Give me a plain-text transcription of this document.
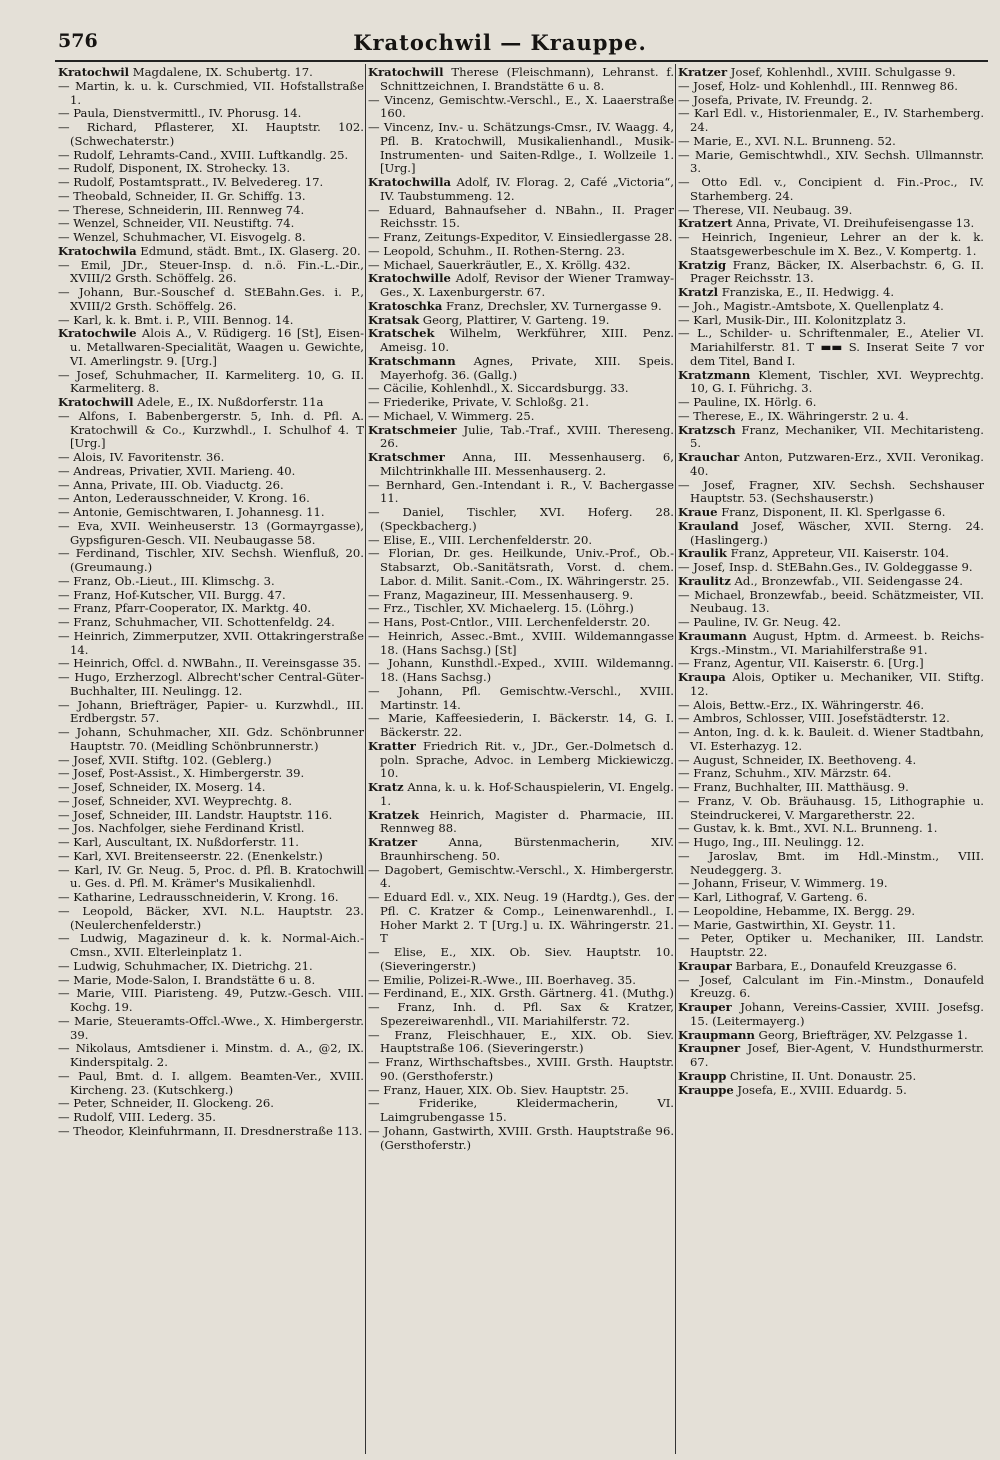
576	Kratochwil — Krauppe.
Kratochwil Magdalene, IX. Schubertg. 17.
— Martin, k. u. k. Curschmied, VII. Hofstallstraße 1.
— Paula, Dienstvermittl., IV. Phorusg. 14.
— Richard, Pflasterer, XI. Hauptstr. 102. (Schwechaterstr.)
— Rudolf, Lehramts-Cand., XVIII. Luftkandlg. 25.
— Rudolf, Disponent, IX. Strohecky. 13.
— Rudolf, Postamtspratt., IV. Belvedereg. 17.
— Theobald, Schneider, II. Gr. Schiffg. 13.
— Therese, Schneiderin, III. Rennweg 74.
— Wenzel, Schneider, VII. Neustiftg. 74.
— Wenzel, Schuhmacher, VI. Eisvogelg. 8.
Kratochwila Edmund, städt. Bmt., IX. Glaserg. 20.
— Emil, JDr., Steuer-Insp. d. n.ö. Fin.-L.-Dir., XVIII/2 Grsth. Schöffelg. 26.
— Johann, Bur.-Souschef d. StEBahn.Ges. i. P., XVIII/2 Grsth. Schöffelg. 26.
— Karl, k. k. Bmt. i. P., VIII. Bennog. 14.
Kratochwile Alois A., V. Rüdigerg. 16 [St], Eisen- u. Metallwaren-Specialität, Waagen u. Gewichte, VI. Amerlingstr. 9. [Urg.]
— Josef, Schuhmacher, II. Karmeliterg. 10, G. II. Karmeliterg. 8.
Kratochwill Adele, E., IX. Nußdorferstr. 11a
— Alfons, I. Babenbergerstr. 5, Inh. d. Pfl. A. Kratochwill & Co., Kurzwhdl., I. Schulhof 4. T [Urg.]
— Alois, IV. Favoritenstr. 36.
— Andreas, Privatier, XVII. Marieng. 40.
— Anna, Private, III. Ob. Viaductg. 26.
— Anton, Lederausschneider, V. Krong. 16.
— Antonie, Gemischtwaren, I. Johannesg. 11.
— Eva, XVII. Weinheuserstr. 13 (Gormayrgasse), Gypsfiguren-Gesch. VII. Neubaugasse 58.
— Ferdinand, Tischler, XIV. Sechsh. Wienfluß, 20. (Greumaung.)
— Franz, Ob.-Lieut., III. Klimschg. 3.
— Franz, Hof-Kutscher, VII. Burgg. 47.
— Franz, Pfarr-Cooperator, IX. Marktg. 40.
— Franz, Schuhmacher, VII. Schottenfeldg. 24.
— Heinrich, Zimmerputzer, XVII. Ottakringerstraße 14.
— Heinrich, Offcl. d. NWBahn., II. Vereinsgasse 35.
— Hugo, Erzherzogl. Albrecht'scher Central-Güter-Buchhalter, III. Neulingg. 12.
— Johann, Briefträger, Papier- u. Kurzwhdl., III. Erdbergstr. 57.
— Johann, Schuhmacher, XII. Gdz. Schönbrunner Hauptstr. 70. (Meidling Schönbrunnerstr.)
— Josef, XVII. Stiftg. 102. (Geblerg.)
— Josef, Post-Assist., X. Himbergerstr. 39.
— Josef, Schneider, IX. Moserg. 14.
— Josef, Schneider, XVI. Weyprechtg. 8.
— Josef, Schneider, III. Landstr. Hauptstr. 116.
— Jos. Nachfolger, siehe Ferdinand Kristl.
— Karl, Auscultant, IX. Nußdorferstr. 11.
— Karl, XVI. Breitenseerstr. 22. (Enenkelstr.)
— Karl, IV. Gr. Neug. 5, Proc. d. Pfl. B. Kratochwill u. Ges. d. Pfl. M. Krämer's Musikalienhdl.
— Katharine, Ledrausschneiderin, V. Krong. 16.
— Leopold, Bäcker, XVI. N.L. Hauptstr. 23. (Neulerchenfelderstr.)
— Ludwig, Magazineur d. k. k. Normal-Aich.-Cmsn., XVII. Elterleinplatz 1.
— Ludwig, Schuhmacher, IX. Dietrichg. 21.
— Marie, Mode-Salon, I. Brandstätte 6 u. 8.
— Marie, VIII. Piaristeng. 49, Putzw.-Gesch. VIII. Kochg. 19.
— Marie, Steueramts-Offcl.-Wwe., X. Himbergerstr. 39.
— Nikolaus, Amtsdiener i. Minstm. d. A., @2, IX. Kinderspitalg. 2.
— Paul, Bmt. d. I. allgem. Beamten-Ver., XVIII. Kircheng. 23. (Kutschkerg.)
— Peter, Schneider, II. Glockeng. 26.
— Rudolf, VIII. Lederg. 35.
— Theodor, Kleinfuhrmann, II. Dresdnerstraße 113.
Kratochwill Therese (Fleischmann), Lehranst. f. Schnittzeichnen, I. Brandstätte 6 u. 8.
— Vincenz, Gemischtw.-Verschl., E., X. Laaerstraße 160.
— Vincenz, Inv.- u. Schätzungs-Cmsr., IV. Waagg. 4, Pfl. B. Kratochwill, Musikalienhandl., Musik-Instrumenten- und Saiten-Rdlge., I. Wollzeile 1. [Urg.]
Kratochwilla Adolf, IV. Florag. 2, Café „Victoria“, IV. Taubstummeng. 12.
— Eduard, Bahnaufseher d. NBahn., II. Prager Reichsstr. 15.
— Franz, Zeitungs-Expeditor, V. Einsiedlergasse 28.
— Leopold, Schuhm., II. Rothen-Sterng. 23.
— Michael, Sauerkräutler, E., X. Kröllg. 432.
Kratochwille Adolf, Revisor der Wiener Tramway-Ges., X. Laxenburgerstr. 67.
Kratoschka Franz, Drechsler, XV. Turnergasse 9.
Kratsak Georg, Plattirer, V. Garteng. 19.
Kratschek Wilhelm, Werkführer, XIII. Penz. Ameisg. 10.
Kratschmann Agnes, Private, XIII. Speis. Mayerhofg. 36. (Gallg.)
— Cäcilie, Kohlenhdl., X. Siccardsburgg. 33.
— Friederike, Private, V. Schloßg. 21.
— Michael, V. Wimmerg. 25.
Kratschmeier Julie, Tab.-Traf., XVIII. Thereseng. 26.
Kratschmer Anna, III. Messenhauserg. 6, Milchtrinkhalle III. Messenhauserg. 2.
— Bernhard, Gen.-Intendant i. R., V. Bachergasse 11.
— Daniel, Tischler, XVI. Hoferg. 28. (Speckbacherg.)
— Elise, E., VIII. Lerchenfelderstr. 20.
— Florian, Dr. ges. Heilkunde, Univ.-Prof., Ob.-Stabsarzt, Ob.-Sanitätsrath, Vorst. d. chem. Labor. d. Milit. Sanit.-Com., IX. Währingerstr. 25.
— Franz, Magazineur, III. Messenhauserg. 9.
— Frz., Tischler, XV. Michaelerg. 15. (Löhrg.)
— Hans, Post-Cntlor., VIII. Lerchenfelderstr. 20.
— Heinrich, Assec.-Bmt., XVIII. Wildemanngasse 18. (Hans Sachsg.) [St]
— Johann, Kunsthdl.-Exped., XVIII. Wildemanng. 18. (Hans Sachsg.)
— Johann, Pfl. Gemischtw.-Verschl., XVIII. Martinstr. 14.
— Marie, Kaffeesiederin, I. Bäckerstr. 14, G. I. Bäckerstr. 22.
Kratter Friedrich Rit. v., JDr., Ger.-Dolmetsch d. poln. Sprache, Advoc. in Lemberg Mickiewiczg. 10.
Kratz Anna, k. u. k. Hof-Schauspielerin, VI. Engelg. 1.
Kratzek Heinrich, Magister d. Pharmacie, III. Rennweg 88.
Kratzer Anna, Bürstenmacherin, XIV. Braunhirscheng. 50.
— Dagobert, Gemischtw.-Verschl., X. Himbergerstr. 4.
— Eduard Edl. v., XIX. Neug. 19 (Hardtg.), Ges. der Pfl. C. Kratzer & Comp., Leinenwarenhdl., I. Hoher Markt 2. T [Urg.] u. IX. Währingerstr. 21. T
— Elise, E., XIX. Ob. Siev. Hauptstr. 10. (Sieveringerstr.)
— Emilie, Polizei-R.-Wwe., III. Boerhaveg. 35.
— Ferdinand, E., XIX. Grsth. Gärtnerg. 41. (Muthg.)
— Franz, Inh. d. Pfl. Sax & Kratzer, Spezereiwarenhdl., VII. Mariahilferstr. 72.
— Franz, Fleischhauer, E., XIX. Ob. Siev. Hauptstraße 106. (Sieveringerstr.)
— Franz, Wirthschaftsbes., XVIII. Grsth. Hauptstr. 90. (Gersthoferstr.)
— Franz, Hauer, XIX. Ob. Siev. Hauptstr. 25.
— Friderike, Kleidermacherin, VI. Laimgrubengasse 15.
— Johann, Gastwirth, XVIII. Grsth. Hauptstraße 96. (Gersthoferstr.)
Kratzer Josef, Kohlenhdl., XVIII. Schulgasse 9.
— Josef, Holz- und Kohlenhdl., III. Rennweg 86.
— Josefa, Private, IV. Freundg. 2.
— Karl Edl. v., Historienmaler, E., IV. Starhemberg. 24.
— Marie, E., XVI. N.L. Brunneng. 52.
— Marie, Gemischtwhdl., XIV. Sechsh. Ullmannstr. 3.
— Otto Edl. v., Concipient d. Fin.-Proc., IV. Starhemberg. 24.
— Therese, VII. Neubaug. 39.
Kratzert Anna, Private, VI. Dreihufeisengasse 13.
— Heinrich, Ingenieur, Lehrer an der k. k. Staatsgewerbeschule im X. Bez., V. Kompertg. 1.
Kratzig Franz, Bäcker, IX. Alserbachstr. 6, G. II. Prager Reichsstr. 13.
Kratzl Franziska, E., II. Hedwigg. 4.
— Joh., Magistr.-Amtsbote, X. Quellenplatz 4.
— Karl, Musik-Dir., III. Kolonitzplatz 3.
— L., Schilder- u. Schriftenmaler, E., Atelier VI. Mariahilferstr. 81. T ▬▬ S. Inserat Seite 7 vor dem Titel, Band I.
Kratzmann Klement, Tischler, XVI. Weyprechtg. 10, G. I. Führichg. 3.
— Pauline, IX. Hörlg. 6.
— Therese, E., IX. Währingerstr. 2 u. 4.
Kratzsch Franz, Mechaniker, VII. Mechitaristeng. 5.
Krauchar Anton, Putzwaren-Erz., XVII. Veronikag. 40.
— Josef, Fragner, XIV. Sechsh. Sechshauser Hauptstr. 53. (Sechshauserstr.)
Kraue Franz, Disponent, II. Kl. Sperlgasse 6.
Krauland Josef, Wäscher, XVII. Sterng. 24. (Haslingerg.)
Kraulik Franz, Appreteur, VII. Kaiserstr. 104.
— Josef, Insp. d. StEBahn.Ges., IV. Goldeggasse 9.
Kraulitz Ad., Bronzewfab., VII. Seidengasse 24.
— Michael, Bronzewfab., beeid. Schätzmeister, VII. Neubaug. 13.
— Pauline, IV. Gr. Neug. 42.
Kraumann August, Hptm. d. Armeest. b. Reichs-Krgs.-Minstm., VI. Mariahilferstraße 91.
— Franz, Agentur, VII. Kaiserstr. 6. [Urg.]
Kraupa Alois, Optiker u. Mechaniker, VII. Stiftg. 12.
— Alois, Bettw.-Erz., IX. Währingerstr. 46.
— Ambros, Schlosser, VIII. Josefstädterstr. 12.
— Anton, Ing. d. k. k. Bauleit. d. Wiener Stadtbahn, VI. Esterhazyg. 12.
— August, Schneider, IX. Beethoveng. 4.
— Franz, Schuhm., XIV. Märzstr. 64.
— Franz, Buchhalter, III. Matthäusg. 9.
— Franz, V. Ob. Bräuhausg. 15, Lithographie u. Steindruckerei, V. Margaretherstr. 22.
— Gustav, k. k. Bmt., XVI. N.L. Brunneng. 1.
— Hugo, Ing., III. Neulingg. 12.
— Jaroslav, Bmt. im Hdl.-Minstm., VIII. Neudeggerg. 3.
— Johann, Friseur, V. Wimmerg. 19.
— Karl, Lithograf, V. Garteng. 6.
— Leopoldine, Hebamme, IX. Bergg. 29.
— Marie, Gastwirthin, XI. Geystr. 11.
— Peter, Optiker u. Mechaniker, III. Landstr. Hauptstr. 22.
Kraupar Barbara, E., Donaufeld Kreuzgasse 6.
— Josef, Calculant im Fin.-Minstm., Donaufeld Kreuzg. 6.
Krauper Johann, Vereins-Cassier, XVIII. Josefsg. 15. (Leitermayerg.)
Kraupmann Georg, Briefträger, XV. Pelzgasse 1.
Kraupner Josef, Bier-Agent, V. Hundsthurmerstr. 67.
Kraupp Christine, II. Unt. Donaustr. 25.
Krauppe Josefa, E., XVIII. Eduardg. 5.
